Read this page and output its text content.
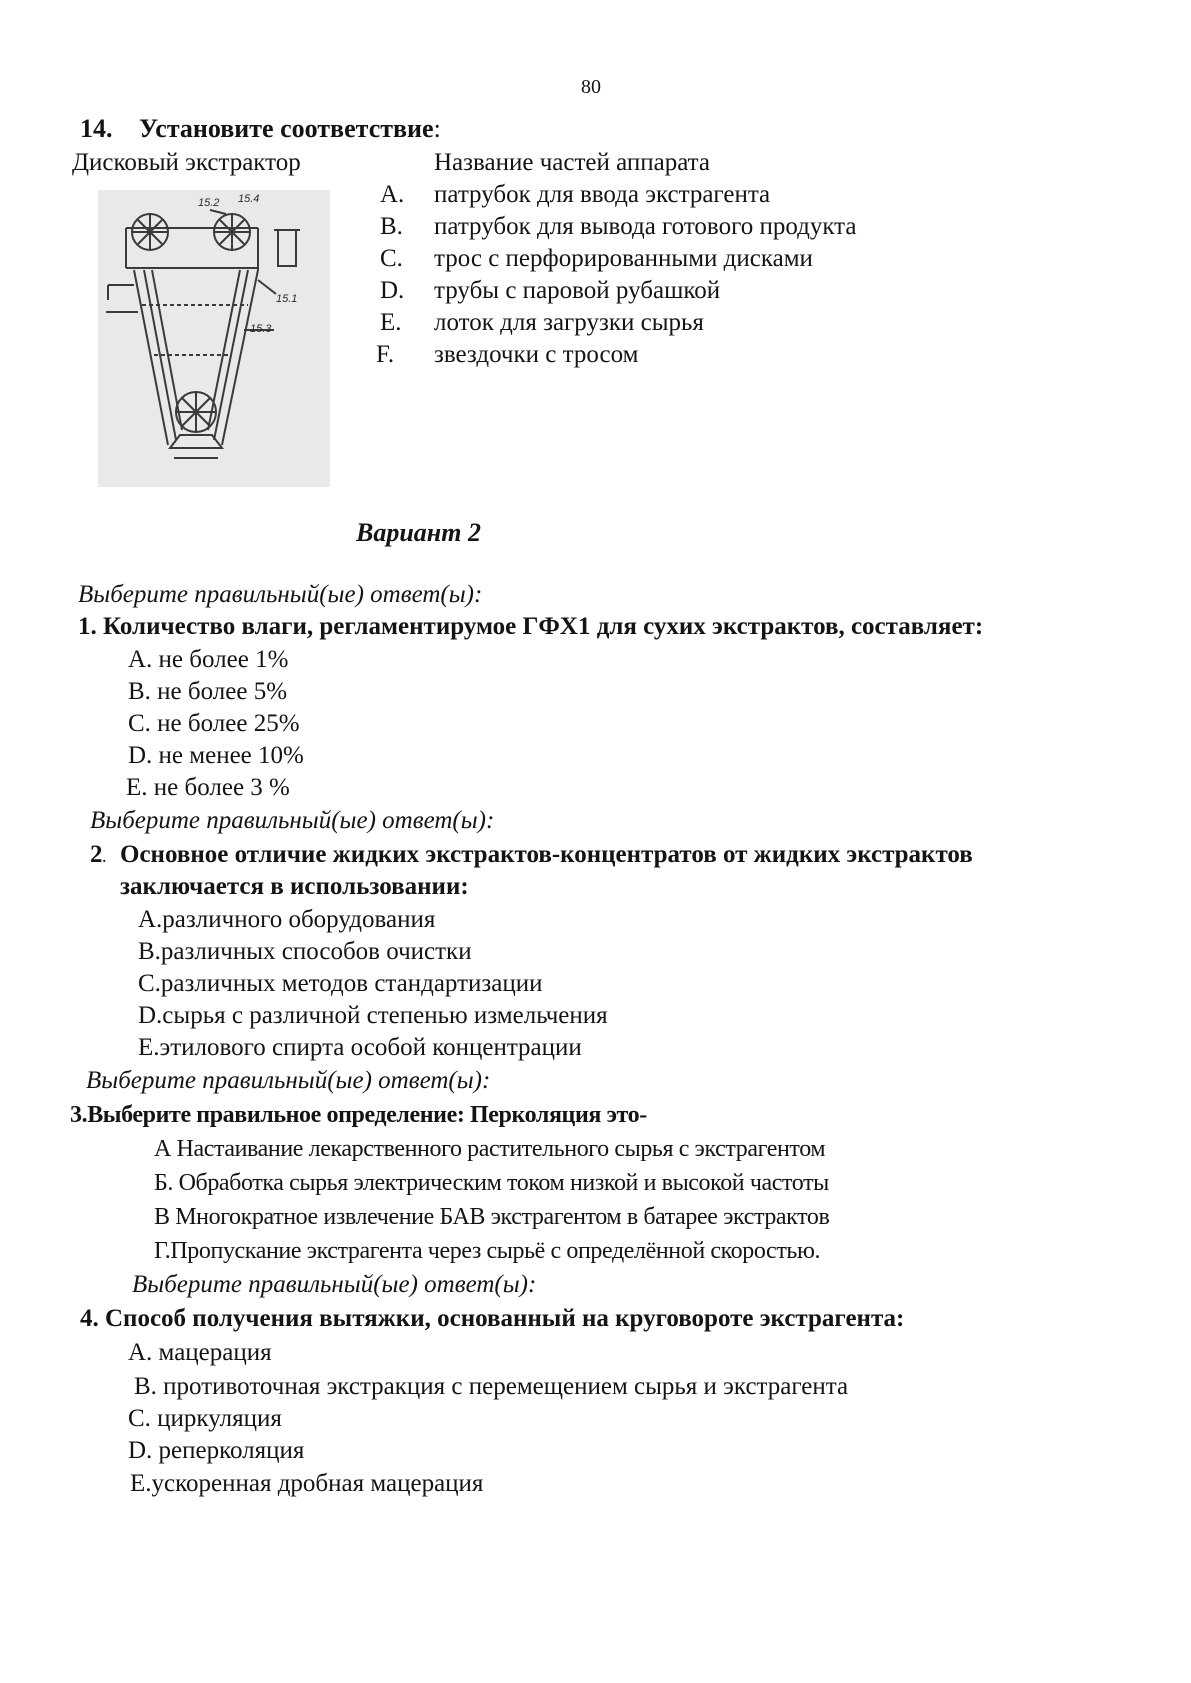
80
14. Установите соответствие:
Дисковый экстрактор	Название частей аппарата
15.2 15.4
15.1
15.3
A. патрубок для ввода экстрагента
B. патрубок для вывода готового продукта
C. трос с перфорированными дисками
D. трубы с паровой рубашкой
E. лоток для загрузки сырья
F. звездочки с тросом
Вариант 2
Выберите правильный(ые) ответ(ы):
1. Количество влаги, регламентирумое ГФХ1 для сухих экстрактов, составляет:
А. не более 1%
В. не более 5%
С. не более 25%
D. не менее 10%
Е. не более 3 %
Выберите правильный(ые) ответ(ы):
2. Основное отличие жидких экстрактов-концентратов от жидких экстрактов
заключается в использовании:
А.различного оборудования
В.различных способов очистки
С.различных методов стандартизации
D.сырья с различной степенью измельчения
Е.этилового спирта особой концентрации
Выберите правильный(ые) ответ(ы):
3.Выберите правильное определение: Перколяция это-
А Настаивание лекарственного растительного сырья с экстрагентом
Б. Обработка сырья электрическим током низкой и высокой частоты
В Многократное извлечение БАВ экстрагентом в батарее экстрактов
Г.Пропускание экстрагента через сырьё с определённой скоростью.
Выберите правильный(ые) ответ(ы):
4. Способ получения вытяжки, основанный на круговороте экстрагента:
А. мацерация
В. противоточная экстракция с перемещением сырья и экстрагента
С. циркуляция
D. реперколяция
Е.ускоренная дробная мацерация
